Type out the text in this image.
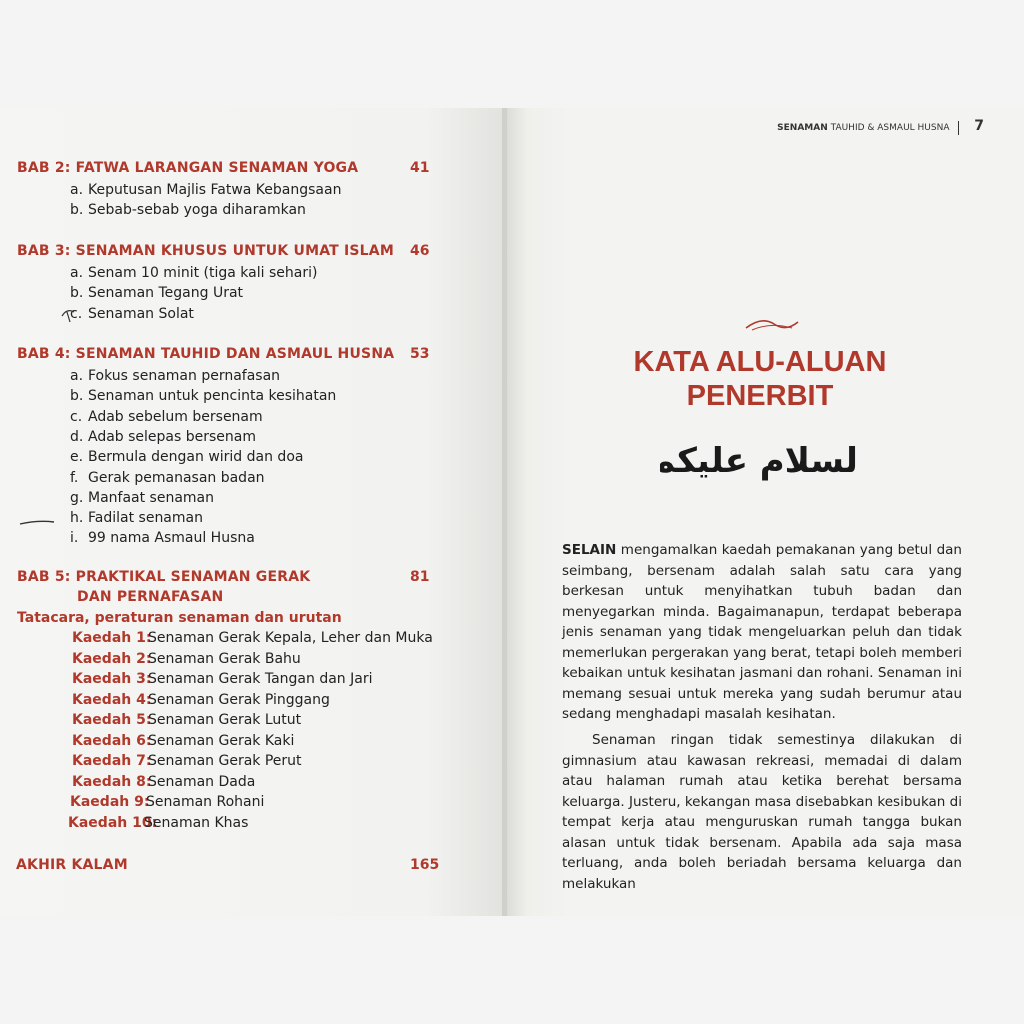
BAB 2: FATWA LARANGAN SENAMAN YOGA	41
a. Keputusan Majlis Fatwa Kebangsaan
b. Sebab-sebab yoga diharamkan
BAB 3: SENAMAN KHUSUS UNTUK UMAT ISLAM 46
a. Senam 10 minit (tiga kali sehari)
b. Senaman Tegang Urat
c. Senaman Solat
BAB 4: SENAMAN TAUHID DAN ASMAUL HUSNA 53
a. Fokus senaman pernafasan
b. Senaman untuk pencinta kesihatan
c. Adab sebelum bersenam
d. Adab selepas bersenam
e. Bermula dengan wirid dan doa
f. Gerak pemanasan badan
g. Manfaat senaman
h. Fadilat senaman
i. 99 nama Asmaul Husna
BAB 5: PRAKTIKAL SENAMAN GERAK
DAN PERNAFASAN
81
Tatacara, peraturan senaman dan urutan
Kaedah 1:Senaman Gerak Kepala, Leher dan Muka
Kaedah 2:Senaman Gerak Bahu
Kaedah 3:Senaman Gerak Tangan dan Jari
Kaedah 4:Senaman Gerak Pinggang
Kaedah 5:Senaman Gerak Lutut
Kaedah 6:Senaman Gerak Kaki
Kaedah 7:Senaman Gerak Perut
Kaedah 8:Senaman Dada
Kaedah 9:Senaman Rohani
Kaedah 10:Senaman Khas
AKHIR KALAM	165
SENAMAN TAUHID & ASMAUL HUSNA 7
KATA ALU-ALUAN
PENERBIT
السلام عليكم
SELAIN mengamalkan kaedah pemakanan yang betul dan seimbang, bersenam adalah salah satu cara yang berkesan untuk menyihatkan tubuh badan dan menyegarkan minda. Bagaimanapun, terdapat beberapa jenis senaman yang tidak mengeluarkan peluh dan tidak memerlukan pergerakan yang berat, tetapi boleh memberi kebaikan untuk kesihatan jasmani dan rohani. Senaman ini memang sesuai untuk mereka yang sudah berumur atau sedang menghadapi masalah kesihatan.
Senaman ringan tidak semestinya dilakukan di gimnasium atau kawasan rekreasi, memadai di dalam atau halaman rumah atau ketika berehat bersama keluarga. Justeru, kekangan masa disebabkan kesibukan di tempat kerja atau menguruskan rumah tangga bukan alasan untuk tidak bersenam. Apabila ada saja masa terluang, anda boleh beriadah bersama keluarga dan melakukan
